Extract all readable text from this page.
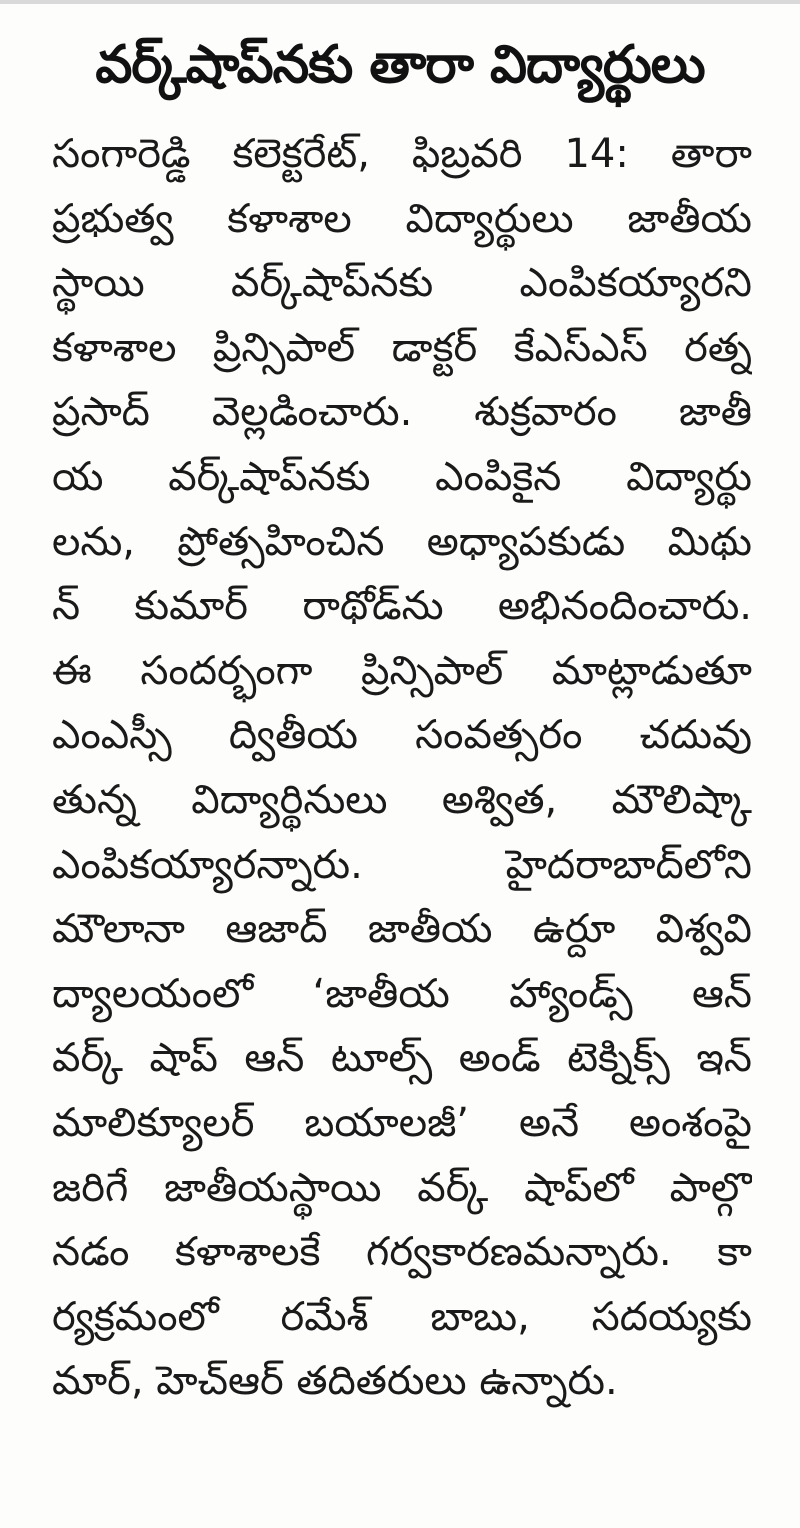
వర్క్‌షాప్‌నకు తారా విద్యార్థులు
సంగారెడ్డి కలెక్టరేట్, ఫిబ్రవరి 14: తారా
ప్రభుత్వ కళాశాల విద్యార్థులు జాతీయ
స్థాయి వర్క్‌షాప్‌నకు ఎంపికయ్యారని
కళాశాల ప్రిన్సిపాల్ డాక్టర్ కేఎస్ఎస్ రత్న
ప్రసాద్ వెల్లడించారు. శుక్రవారం జాతీ
య వర్క్‌షాప్‌నకు ఎంపికైన విద్యార్థు
లను, ప్రోత్సహించిన అధ్యాపకుడు మిథు
న్ కుమార్ రాథోడ్‌ను అభినందించారు.
ఈ సందర్భంగా ప్రిన్సిపాల్ మాట్లాడుతూ
ఎంఎస్సీ ద్వితీయ సంవత్సరం చదువు
తున్న విద్యార్థినులు అశ్విత, మౌలిష్కా
ఎంపికయ్యారన్నారు. హైదరాబాద్‌లోని
మౌలానా ఆజాద్ జాతీయ ఉర్దూ విశ్వవి
ద్యాలయంలో ‘జాతీయ హ్యాండ్స్ ఆన్
వర్క్ షాప్ ఆన్ టూల్స్ అండ్ టెక్నిక్స్ ఇన్
మాలిక్యూలర్ బయాలజీ’ అనే అంశంపై
జరిగే జాతీయస్థాయి వర్క్ షాప్‌లో పాల్గొ
నడం కళాశాలకే గర్వకారణమన్నారు. కా
ర్యక్రమంలో రమేశ్ బాబు, సదయ్యకు
మార్, హెచ్‌ఆర్ తదితరులు ఉన్నారు.
